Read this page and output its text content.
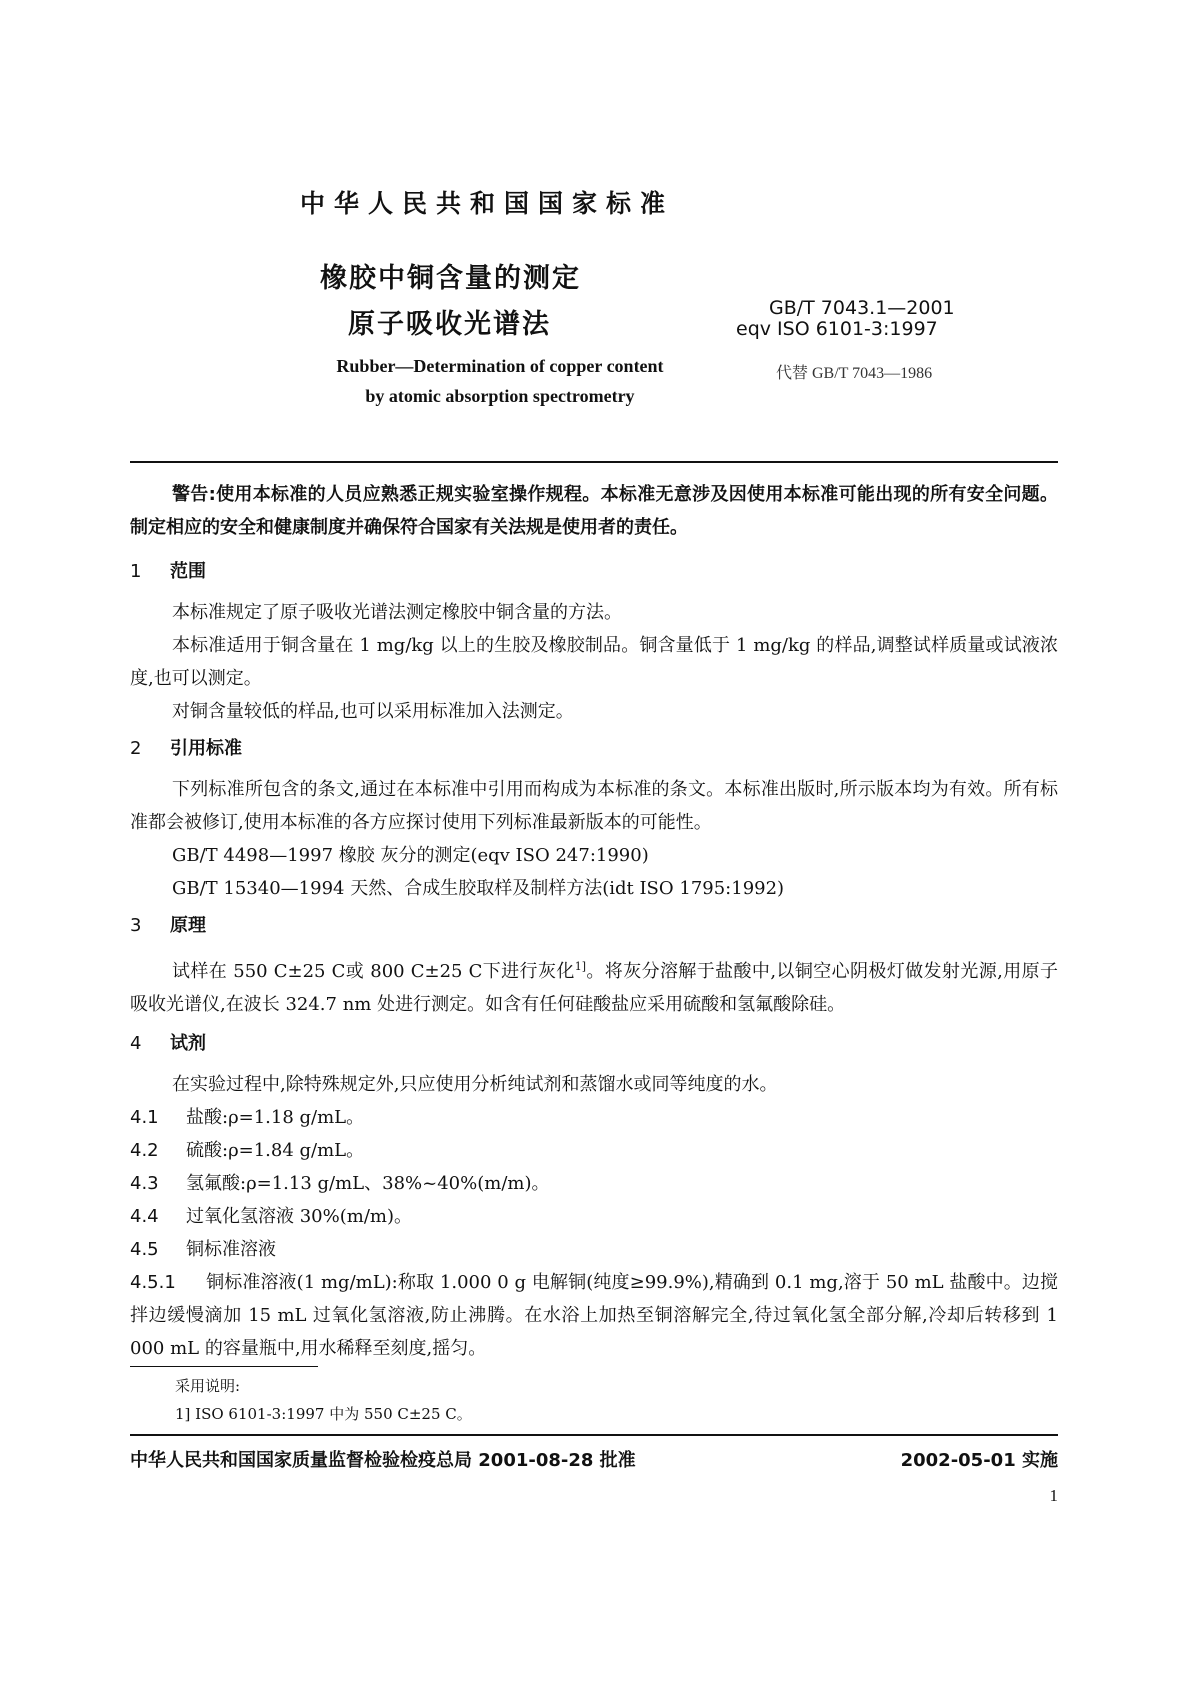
中华人民共和国国家标准
橡胶中铜含量的测定
原子吸收光谱法
GB/T 7043.1—2001
eqv ISO 6101-3:1997
Rubber—Determination of copper content
by atomic absorption spectrometry
代替 GB/T 7043—1986
警告:使用本标准的人员应熟悉正规实验室操作规程。本标准无意涉及因使用本标准可能出现的所有安全问题。制定相应的安全和健康制度并确保符合国家有关法规是使用者的责任。
1 范围
本标准规定了原子吸收光谱法测定橡胶中铜含量的方法。
本标准适用于铜含量在 1 mg/kg 以上的生胶及橡胶制品。铜含量低于 1 mg/kg 的样品,调整试样质量或试液浓度,也可以测定。
对铜含量较低的样品,也可以采用标准加入法测定。
2 引用标准
下列标准所包含的条文,通过在本标准中引用而构成为本标准的条文。本标准出版时,所示版本均为有效。所有标准都会被修订,使用本标准的各方应探讨使用下列标准最新版本的可能性。
GB/T 4498—1997 橡胶 灰分的测定(eqv ISO 247:1990)
GB/T 15340—1994 天然、合成生胶取样及制样方法(idt ISO 1795:1992)
3 原理
试样在 550 C±25 C或 800 C±25 C下进行灰化$^{1]}$。将灰分溶解于盐酸中,以铜空心阴极灯做发射光源,用原子吸收光谱仪,在波长 324.7 nm 处进行测定。如含有任何硅酸盐应采用硫酸和氢氟酸除硅。
4 试剂
在实验过程中,除特殊规定外,只应使用分析纯试剂和蒸馏水或同等纯度的水。
4.1 盐酸:ρ=1.18 g/mL。
4.2 硫酸:ρ=1.84 g/mL。
4.3 氢氟酸:ρ=1.13 g/mL、38%~40%(m/m)。
4.4 过氧化氢溶液 30%(m/m)。
4.5 铜标准溶液
4.5.1 铜标准溶液(1 mg/mL):称取 1.000 0 g 电解铜(纯度≥99.9%),精确到 0.1 mg,溶于 50 mL 盐酸中。边搅拌边缓慢滴加 15 mL 过氧化氢溶液,防止沸腾。在水浴上加热至铜溶解完全,待过氧化氢全部分解,冷却后转移到 1 000 mL 的容量瓶中,用水稀释至刻度,摇匀。
采用说明:
1] ISO 6101-3:1997 中为 550 C±25 C。
中华人民共和国国家质量监督检验检疫总局 2001-08-28 批准	2002-05-01 实施
1
